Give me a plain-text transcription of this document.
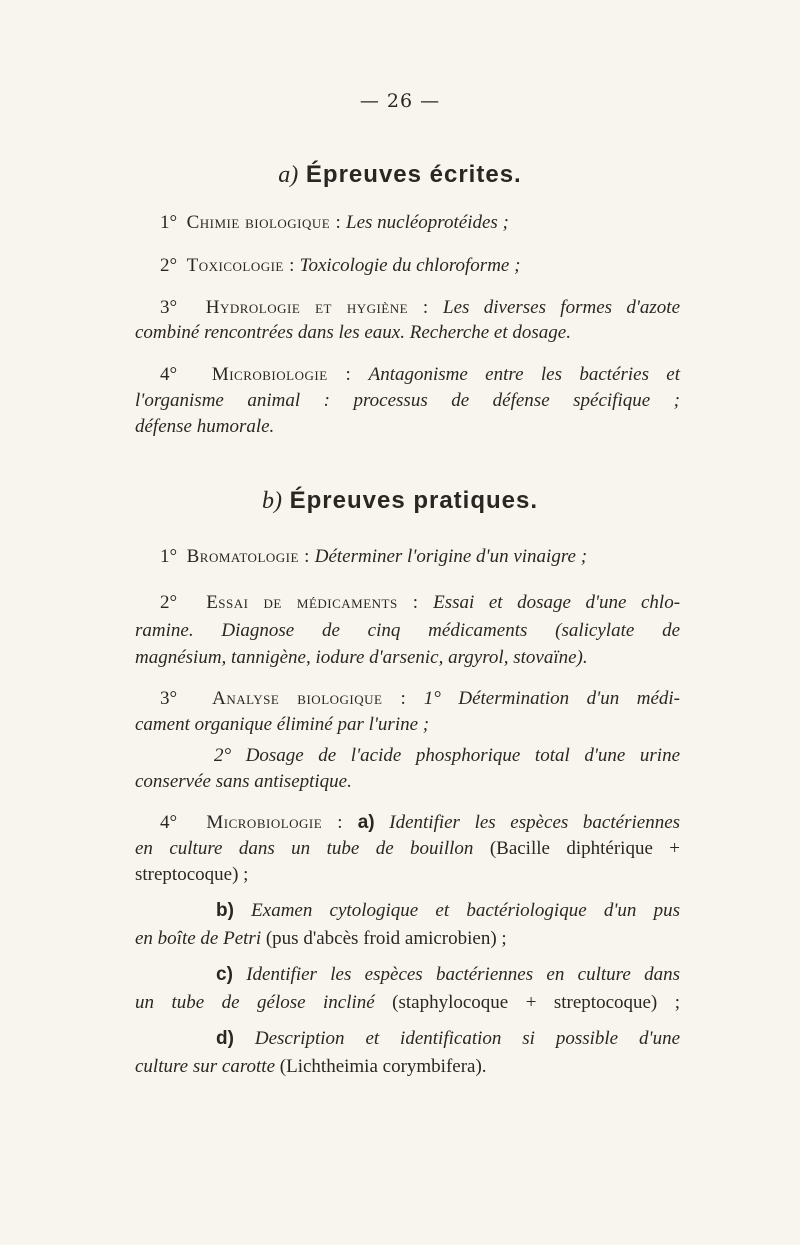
— 26 —
a) Épreuves écrites.
1° Chimie biologique : Les nucléoprotéides ;
2° Toxicologie : Toxicologie du chloroforme ;
3° Hydrologie et hygiène : Les diverses formes d'azote
combiné rencontrées dans les eaux. Recherche et dosage.
4° Microbiologie : Antagonisme entre les bactéries et
l'organisme animal : processus de défense spécifique ;
défense humorale.
b) Épreuves pratiques.
1° Bromatologie : Déterminer l'origine d'un vinaigre ;
2° Essai de médicaments : Essai et dosage d'une chlo-
ramine. Diagnose de cinq médicaments (salicylate de
magnésium, tannigène, iodure d'arsenic, argyrol, stovaïne).
3° Analyse biologique : 1° Détermination d'un médi-
cament organique éliminé par l'urine ;
2° Dosage de l'acide phosphorique total d'une urine
conservée sans antiseptique.
4° Microbiologie : a) Identifier les espèces bactériennes
en culture dans un tube de bouillon (Bacille diphtérique +
streptocoque) ;
b) Examen cytologique et bactériologique d'un pus
en boîte de Petri (pus d'abcès froid amicrobien) ;
c) Identifier les espèces bactériennes en culture dans
un tube de gélose incliné (staphylocoque + streptocoque) ;
d) Description et identification si possible d'une
culture sur carotte (Lichtheimia corymbifera).
